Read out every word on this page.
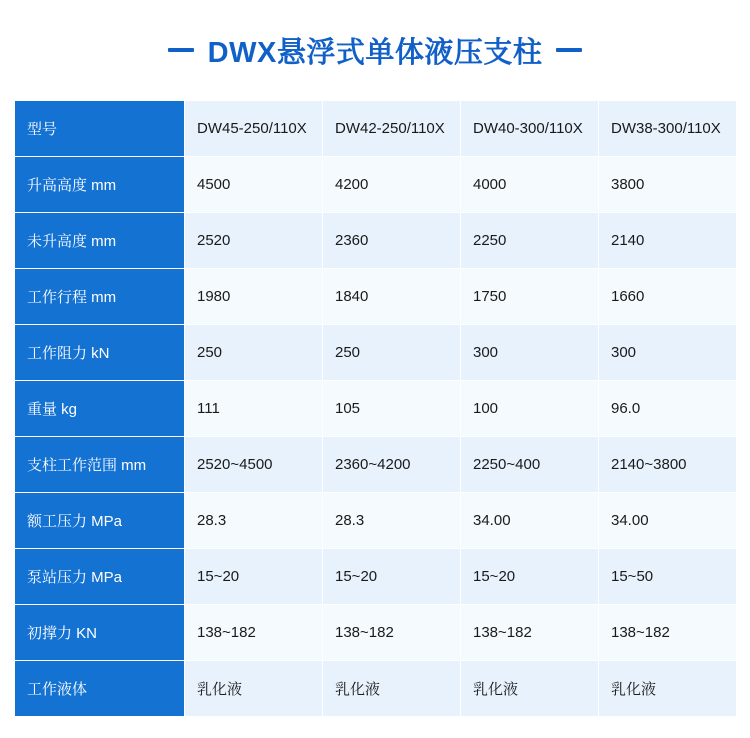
DWX悬浮式单体液压支柱
型号	DW45-250/110X	DW42-250/110X	DW40-300/110X	DW38-300/110X
升高高度 mm	4500	4200	4000	3800
未升高度 mm	2520	2360	2250	2140
工作行程 mm	1980	1840	1750	1660
工作阻力 kN	250	250	300	300
重量 kg	111	105	100	96.0
支柱工作范围 mm	2520~4500	2360~4200	2250~400	2140~3800
额工压力 MPa	28.3	28.3	34.00	34.00
泵站压力 MPa	15~20	15~20	15~20	15~50
初撑力 KN	138~182	138~182	138~182	138~182
工作液体	乳化液	乳化液	乳化液	乳化液
